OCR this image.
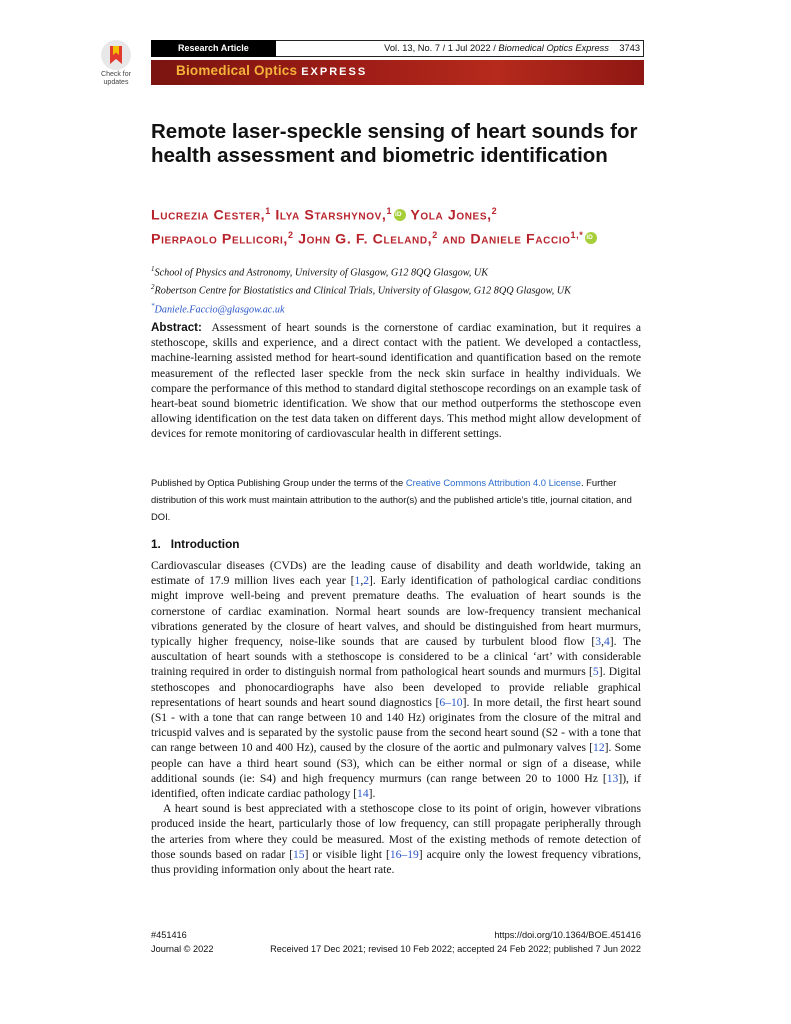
Check for
updates
Research Article	Vol. 13, No. 7 / 1 Jul 2022 / Biomedical Optics Express 3743
Biomedical Optics EXPRESS
Remote laser-speckle sensing of heart sounds for health assessment and biometric identification
Lucrezia Cester,$^1$ Ilya Starshynov,$^1$iD Yola Jones,$^2$
Pierpaolo Pellicori,$^2$ John G. F. Cleland,$^2$ and Daniele Faccio$^{1,*}$iD
$^1$School of Physics and Astronomy, University of Glasgow, G12 8QQ Glasgow, UK
$^2$Robertson Centre for Biostatistics and Clinical Trials, University of Glasgow, G12 8QQ Glasgow, UK
*Daniele.Faccio@glasgow.ac.uk
Abstract: Assessment of heart sounds is the cornerstone of cardiac examination, but it requires a stethoscope, skills and experience, and a direct contact with the patient. We developed a contactless, machine-learning assisted method for heart-sound identification and quantification based on the remote measurement of the reflected laser speckle from the neck skin surface in healthy individuals. We compare the performance of this method to standard digital stethoscope recordings on an example task of heart-beat sound biometric identification. We show that our method outperforms the stethoscope even allowing identification on the test data taken on different days. This method might allow development of devices for remote monitoring of cardiovascular health in different settings.
Published by Optica Publishing Group under the terms of the Creative Commons Attribution 4.0 License. Further distribution of this work must maintain attribution to the author(s) and the published article’s title, journal citation, and DOI.
1. Introduction

Cardiovascular diseases (CVDs) are the leading cause of disability and death worldwide, taking an estimate of 17.9 million lives each year [1,2]. Early identification of pathological cardiac conditions might improve well-being and prevent premature deaths. The evaluation of heart sounds is the cornerstone of cardiac examination. Normal heart sounds are low-frequency transient mechanical vibrations generated by the closure of heart valves, and should be distinguished from heart murmurs, typically higher frequency, noise-like sounds that are caused by turbulent blood flow [3,4]. The auscultation of heart sounds with a stethoscope is considered to be a clinical ‘art’ with considerable training required in order to distinguish normal from pathological heart sounds and murmurs [5]. Digital stethoscopes and phonocardiographs have also been developed to provide reliable graphical representations of heart sounds and heart sound diagnostics [6–10]. In more detail, the first heart sound (S1 - with a tone that can range between 10 and 140 Hz) originates from the closure of the mitral and tricuspid valves and is separated by the systolic pause from the second heart sound (S2 - with a tone that can range between 10 and 400 Hz), caused by the closure of the aortic and pulmonary valves [12]. Some people can have a third heart sound (S3), which can be either normal or sign of a disease, while additional sounds (ie: S4) and high frequency murmurs (can range between 20 to 1000 Hz [13]), if identified, often indicate cardiac pathology [14].

A heart sound is best appreciated with a stethoscope close to its point of origin, however vibrations produced inside the heart, particularly those of low frequency, can still propagate peripherally through the arteries from where they could be measured. Most of the existing methods of remote detection of those sounds based on radar [15] or visible light [16–19] acquire only the lowest frequency vibrations, thus providing information only about the heart rate.

#451416
Journal © 2022
https://doi.org/10.1364/BOE.451416
Received 17 Dec 2021; revised 10 Feb 2022; accepted 24 Feb 2022; published 7 Jun 2022
